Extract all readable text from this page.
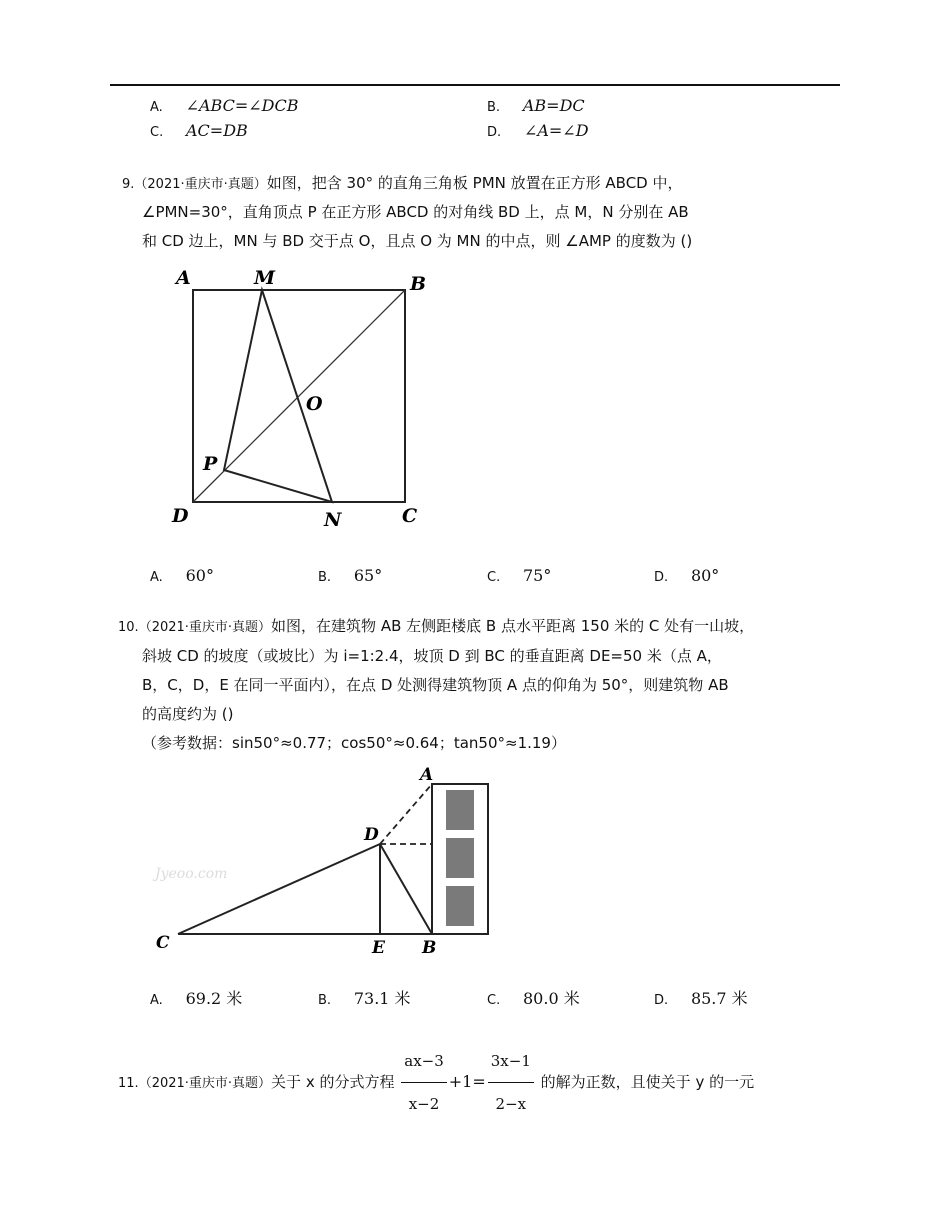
A. ∠ABC=∠DCB	B. AB=DC
C. AC=DB	D. ∠A=∠D
9.（2021·重庆市·真题）如图，把含 30° 的直角三角板 PMN 放置在正方形 ABCD 中，
∠PMN=30°，直角顶点 P 在正方形 ABCD 的对角线 BD 上，点 M，N 分别在 AB
和 CD 边上，MN 与 BD 交于点 O，且点 O 为 MN 的中点，则 ∠AMP 的度数为 ()
A	M	B
O
P
D	N	C
A. 60°	B. 65°	C. 75°	D. 80°
10.（2021·重庆市·真题）如图，在建筑物 AB 左侧距楼底 B 点水平距离 150 米的 C 处有一山坡，
斜坡 CD 的坡度（或坡比）为 i=1:2.4，坡顶 D 到 BC 的垂直距离 DE=50 米（点 A，
B，C，D，E 在同一平面内），在点 D 处测得建筑物顶 A 点的仰角为 50°，则建筑物 AB
的高度约为 ()
（参考数据：sin50°≈0.77；cos50°≈0.64；tan50°≈1.19）
Jyeoo.com
A
D
C	E B
A. 69.2 米	B. 73.1 米	C. 80.0 米	D. 85.7 米
11.（2021·重庆市·真题）关于 x 的分式方程 $\frac{ax-3}{x-2} +1= \frac{3x-1}{2-x}$ 的解为正数，且使关于 y 的一元
